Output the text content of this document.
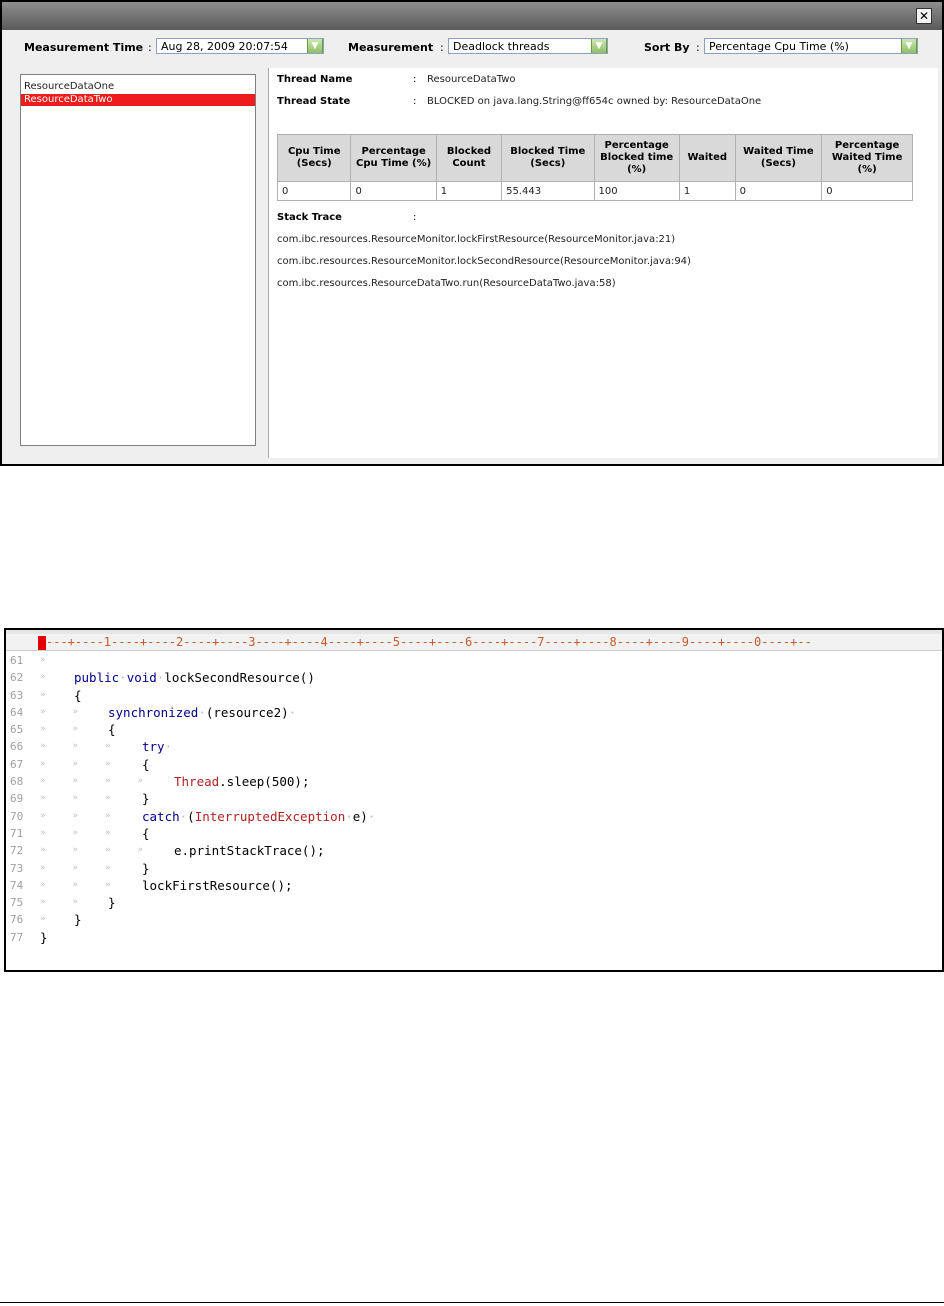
✕
Measurement Time : Aug 28, 2009 20:07:54	▼	Measurement : Deadlock threads	▼	Sort By : Percentage Cpu Time (%)	▼
ResourceDataOne
ResourceDataTwo
Thread Name	: ResourceDataTwo
Thread State	: BLOCKED on java.lang.String@ff654c owned by: ResourceDataOne
Cpu Time (Secs)	Percentage Cpu Time (%)	Blocked Count	Blocked Time (Secs)	Percentage Blocked time (%)	Waited	Waited Time (Secs)	Percentage Waited Time (%)
0	0	1	55.443	100	1	0	0
Stack Trace	:
com.ibc.resources.ResourceMonitor.lockFirstResource(ResourceMonitor.java:21)
com.ibc.resources.ResourceMonitor.lockSecondResource(ResourceMonitor.java:94)
com.ibc.resources.ResourceDataTwo.run(ResourceDataTwo.java:58)
---+----1----+----2----+----3----+----4----+----5----+----6----+----7----+----8----+----9----+----0----+--
61	»
62	» public·void·lockSecondResource()
63	» {
64	»     » synchronized·(resource2)·
65	»     » {
66	»     »     »	try·
67	»     »     »	{
68	»     »     »     » Thread.sleep(500);
69	»     »     »	}
70	»     »     »	catch·(InterruptedException·e)·
71	»     »     »	{
72	»     »     »     » e.printStackTrace();
73	»     »     »	}
74	»     »     »	lockFirstResource();
75	»     » }
76	» }
77	}
